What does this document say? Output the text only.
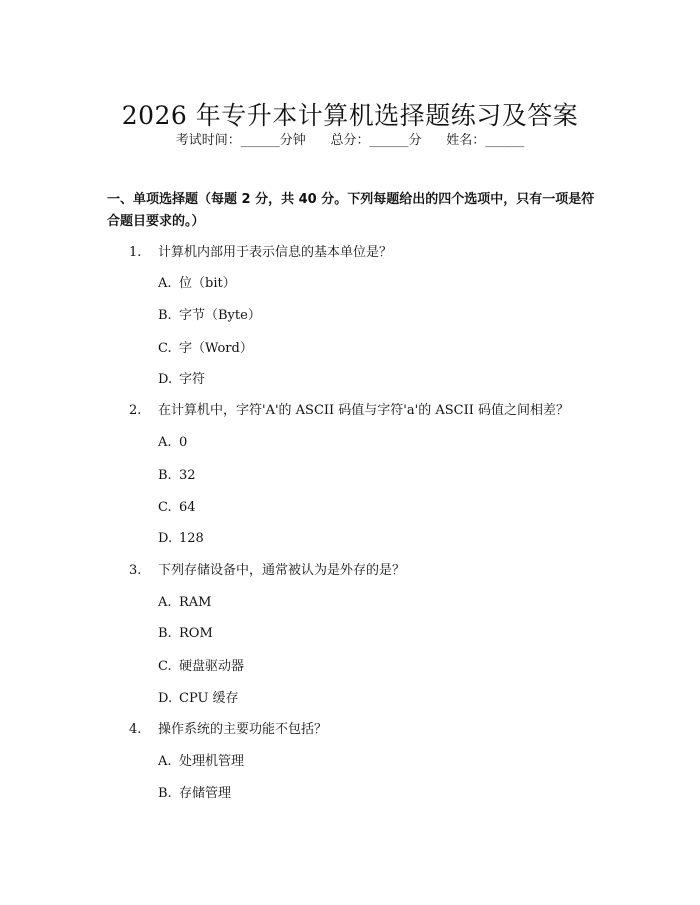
2026 年专升本计算机选择题练习及答案
考试时间：______分钟      总分：______分      姓名：______
一、单项选择题（每题 2 分，共 40 分。下列每题给出的四个选项中，只有一项是符合题目要求的。）
1. 计算机内部用于表示信息的基本单位是？
A. 位（bit）
B. 字节（Byte）
C. 字（Word）
D. 字符
2. 在计算机中，字符'A'的 ASCII 码值与字符'a'的 ASCII 码值之间相差？
A. 0
B. 32
C. 64
D. 128
3. 下列存储设备中，通常被认为是外存的是？
A. RAM
B. ROM
C. 硬盘驱动器
D. CPU 缓存
4. 操作系统的主要功能不包括？
A. 处理机管理
B. 存储管理
